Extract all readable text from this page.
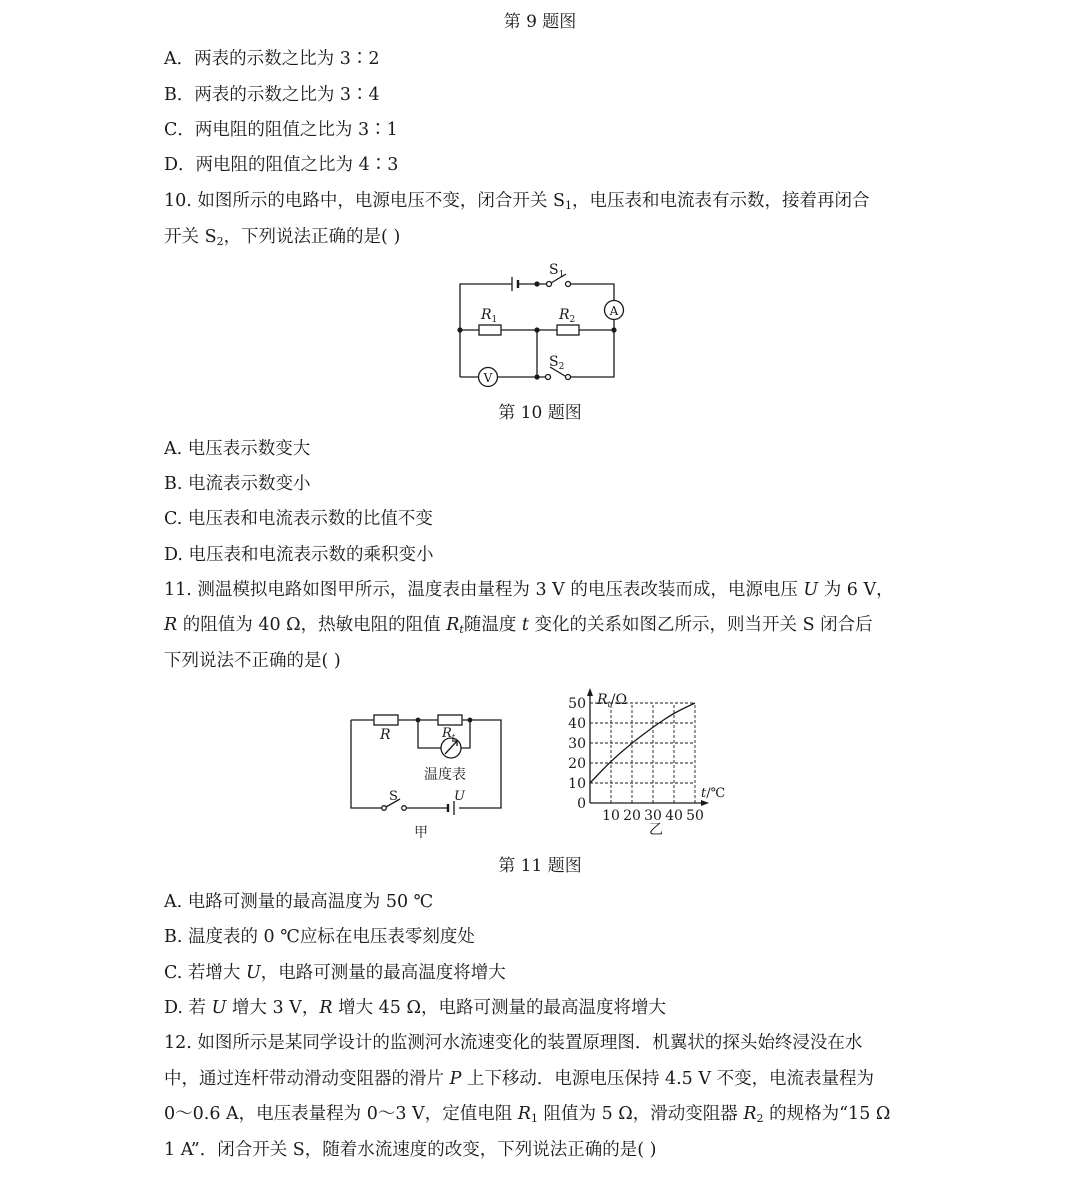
第 9 题图
A．两表的示数之比为 3∶2
B．两表的示数之比为 3∶4
C．两电阻的阻值之比为 3∶1
D．两电阻的阻值之比为 4∶3
10. 如图所示的电路中，电源电压不变，闭合开关 $S_1$，电压表和电流表有示数，接着再闭合
开关 $S_2$，下列说法正确的是( )
$S_1$
$S_2$
$R_1$	$R_2$
A
V
第 10 题图
A. 电压表示数变大
B. 电流表示数变小
C. 电压表和电流表示数的比值不变
D. 电压表和电流表示数的乘积变小
11. 测温模拟电路如图甲所示，温度表由量程为 3 V 的电压表改装而成，电源电压 U 为 6 V，
R 的阻值为 40 Ω，热敏电阻的阻值 $R_t$随温度 t 变化的关系如图乙所示，则当开关 S 闭合后
下列说法不正确的是( )
R	$R_t$
温度表
S	U
甲
0
10
20
30
40
50
10 20 30 40 50
$R_t/\Omega$
t/℃
乙
第 11 题图
A. 电路可测量的最高温度为 50 ℃
B. 温度表的 0 ℃应标在电压表零刻度处
C. 若增大 U，电路可测量的最高温度将增大
D. 若 U 增大 3 V，R 增大 45 Ω，电路可测量的最高温度将增大
12. 如图所示是某同学设计的监测河水流速变化的装置原理图．机翼状的探头始终浸没在水
中，通过连杆带动滑动变阻器的滑片 P 上下移动．电源电压保持 4.5 V 不变，电流表量程为
0～0.6 A，电压表量程为 0～3 V，定值电阻 $R_1$ 阻值为 5 Ω，滑动变阻器 $R_2$ 的规格为“15 Ω
1 A”．闭合开关 S，随着水流速度的改变，下列说法正确的是( )
